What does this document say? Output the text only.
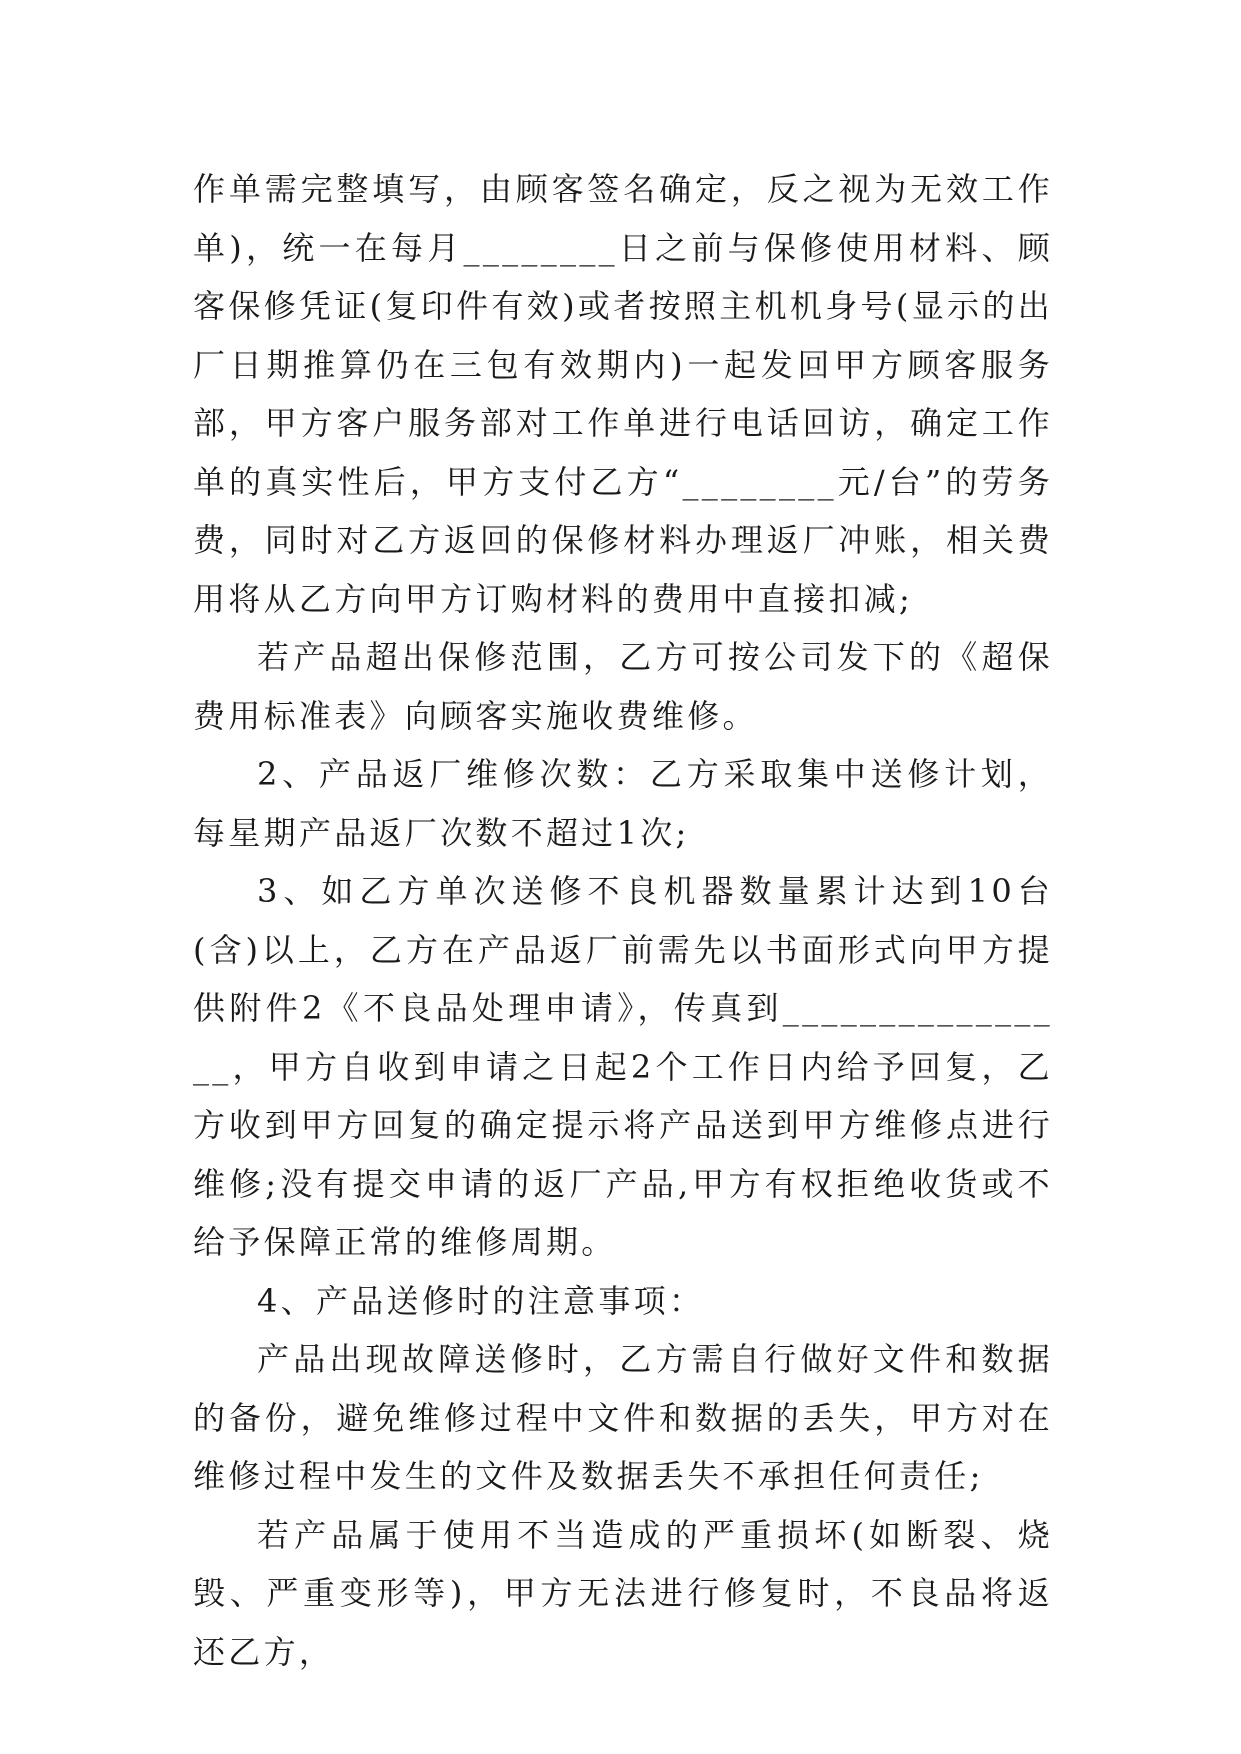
作单需完整填写，由顾客签名确定，反之视为无效工作单)，统一在每月________日之前与保修使用材料、顾客保修凭证(复印件有效)或者按照主机机身号(显示的出厂日期推算仍在三包有效期内)一起发回甲方顾客服务部，甲方客户服务部对工作单进行电话回访，确定工作单的真实性后，甲方支付乙方“________元/台”的劳务费，同时对乙方返回的保修材料办理返厂冲账，相关费用将从乙方向甲方订购材料的费用中直接扣减;

若产品超出保修范围，乙方可按公司发下的《超保费用标准表》向顾客实施收费维修。

2、产品返厂维修次数：乙方采取集中送修计划，每星期产品返厂次数不超过1次;

3、如乙方单次送修不良机器数量累计达到10台(含)以上，乙方在产品返厂前需先以书面形式向甲方提供附件2《不良品处理申请》，传真到________________，甲方自收到申请之日起2个工作日内给予回复，乙方收到甲方回复的确定提示将产品送到甲方维修点进行维修;没有提交申请的返厂产品,甲方有权拒绝收货或不给予保障正常的维修周期。

4、产品送修时的注意事项：

产品出现故障送修时，乙方需自行做好文件和数据的备份，避免维修过程中文件和数据的丢失，甲方对在维修过程中发生的文件及数据丢失不承担任何责任;

若产品属于使用不当造成的严重损坏(如断裂、烧毁、严重变形等)，甲方无法进行修复时，不良品将返还乙方，
